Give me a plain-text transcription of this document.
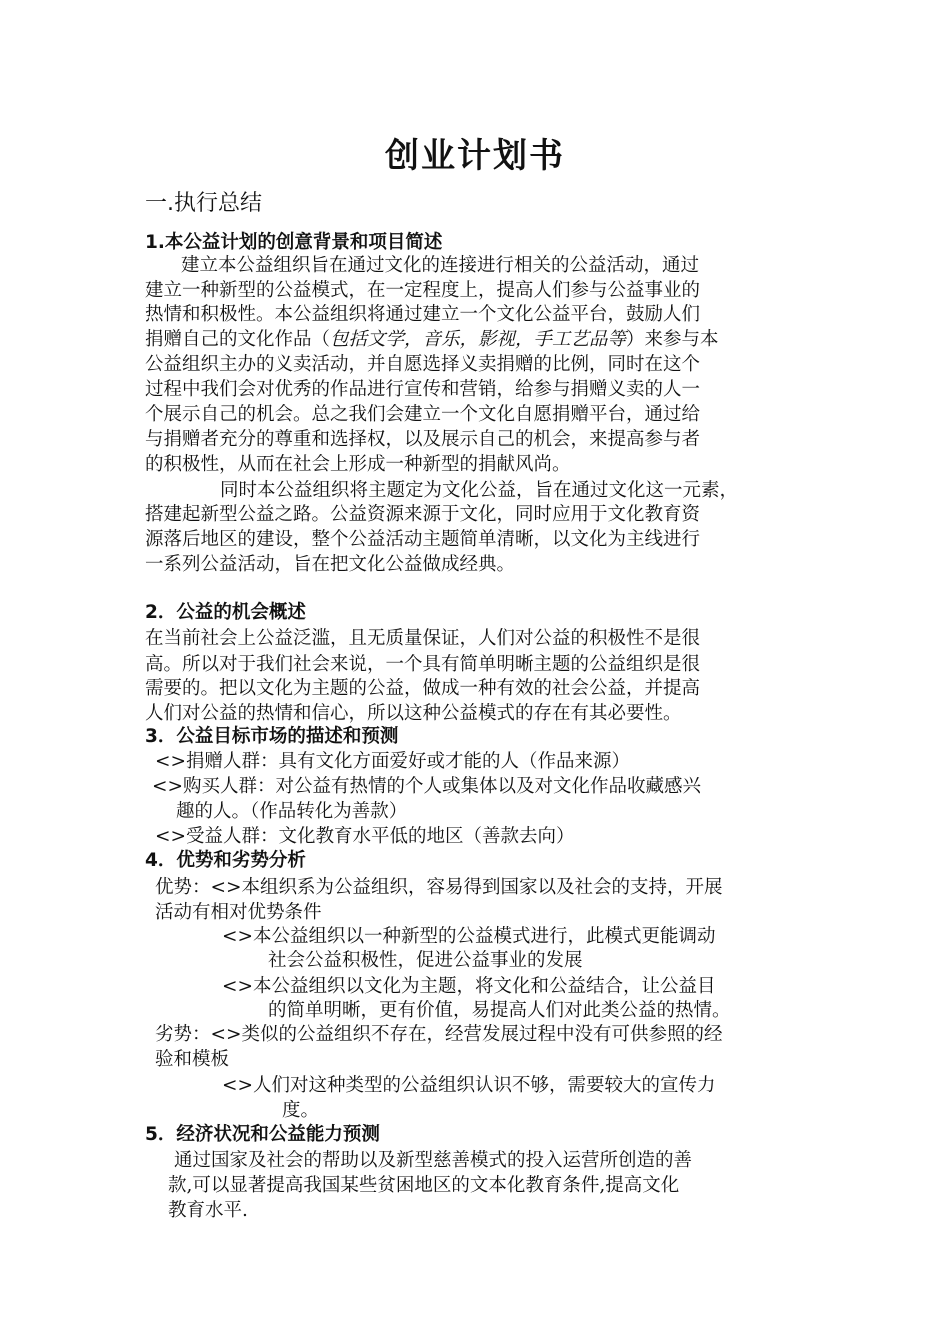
创业计划书
一.执行总结
1.本公益计划的创意背景和项目简述
建立本公益组织旨在通过文化的连接进行相关的公益活动，通过
建立一种新型的公益模式，在一定程度上，提高人们参与公益事业的
热情和积极性。本公益组织将通过建立一个文化公益平台，鼓励人们
捐赠自己的文化作品（包括文学，音乐，影视，手工艺品等）来参与本
公益组织主办的义卖活动，并自愿选择义卖捐赠的比例，同时在这个
过程中我们会对优秀的作品进行宣传和营销，给参与捐赠义卖的人一
个展示自己的机会。总之我们会建立一个文化自愿捐赠平台，通过给
与捐赠者充分的尊重和选择权，以及展示自己的机会，来提高参与者
的积极性，从而在社会上形成一种新型的捐献风尚。
同时本公益组织将主题定为文化公益，旨在通过文化这一元素，
搭建起新型公益之路。公益资源来源于文化，同时应用于文化教育资
源落后地区的建设，整个公益活动主题简单清晰，以文化为主线进行
一系列公益活动，旨在把文化公益做成经典。
2．公益的机会概述
在当前社会上公益泛滥，且无质量保证，人们对公益的积极性不是很
高。所以对于我们社会来说，一个具有简单明晰主题的公益组织是很
需要的。把以文化为主题的公益，做成一种有效的社会公益，并提高
人们对公益的热情和信心，所以这种公益模式的存在有其必要性。
3．公益目标市场的描述和预测
<>捐赠人群：具有文化方面爱好或才能的人（作品来源）
<>购买人群：对公益有热情的个人或集体以及对文化作品收藏感兴
趣的人。（作品转化为善款）
<>受益人群：文化教育水平低的地区（善款去向）
4．优势和劣势分析
优势：<>本组织系为公益组织，容易得到国家以及社会的支持，开展
活动有相对优势条件
<>本公益组织以一种新型的公益模式进行，此模式更能调动
社会公益积极性，促进公益事业的发展
<>本公益组织以文化为主题，将文化和公益结合，让公益目
的简单明晰，更有价值，易提高人们对此类公益的热情。
劣势：<>类似的公益组织不存在，经营发展过程中没有可供参照的经
验和模板
<>人们对这种类型的公益组织认识不够，需要较大的宣传力
度。
5．经济状况和公益能力预测
通过国家及社会的帮助以及新型慈善模式的投入运营所创造的善
款,可以显著提高我国某些贫困地区的文本化教育条件,提高文化
教育水平.
